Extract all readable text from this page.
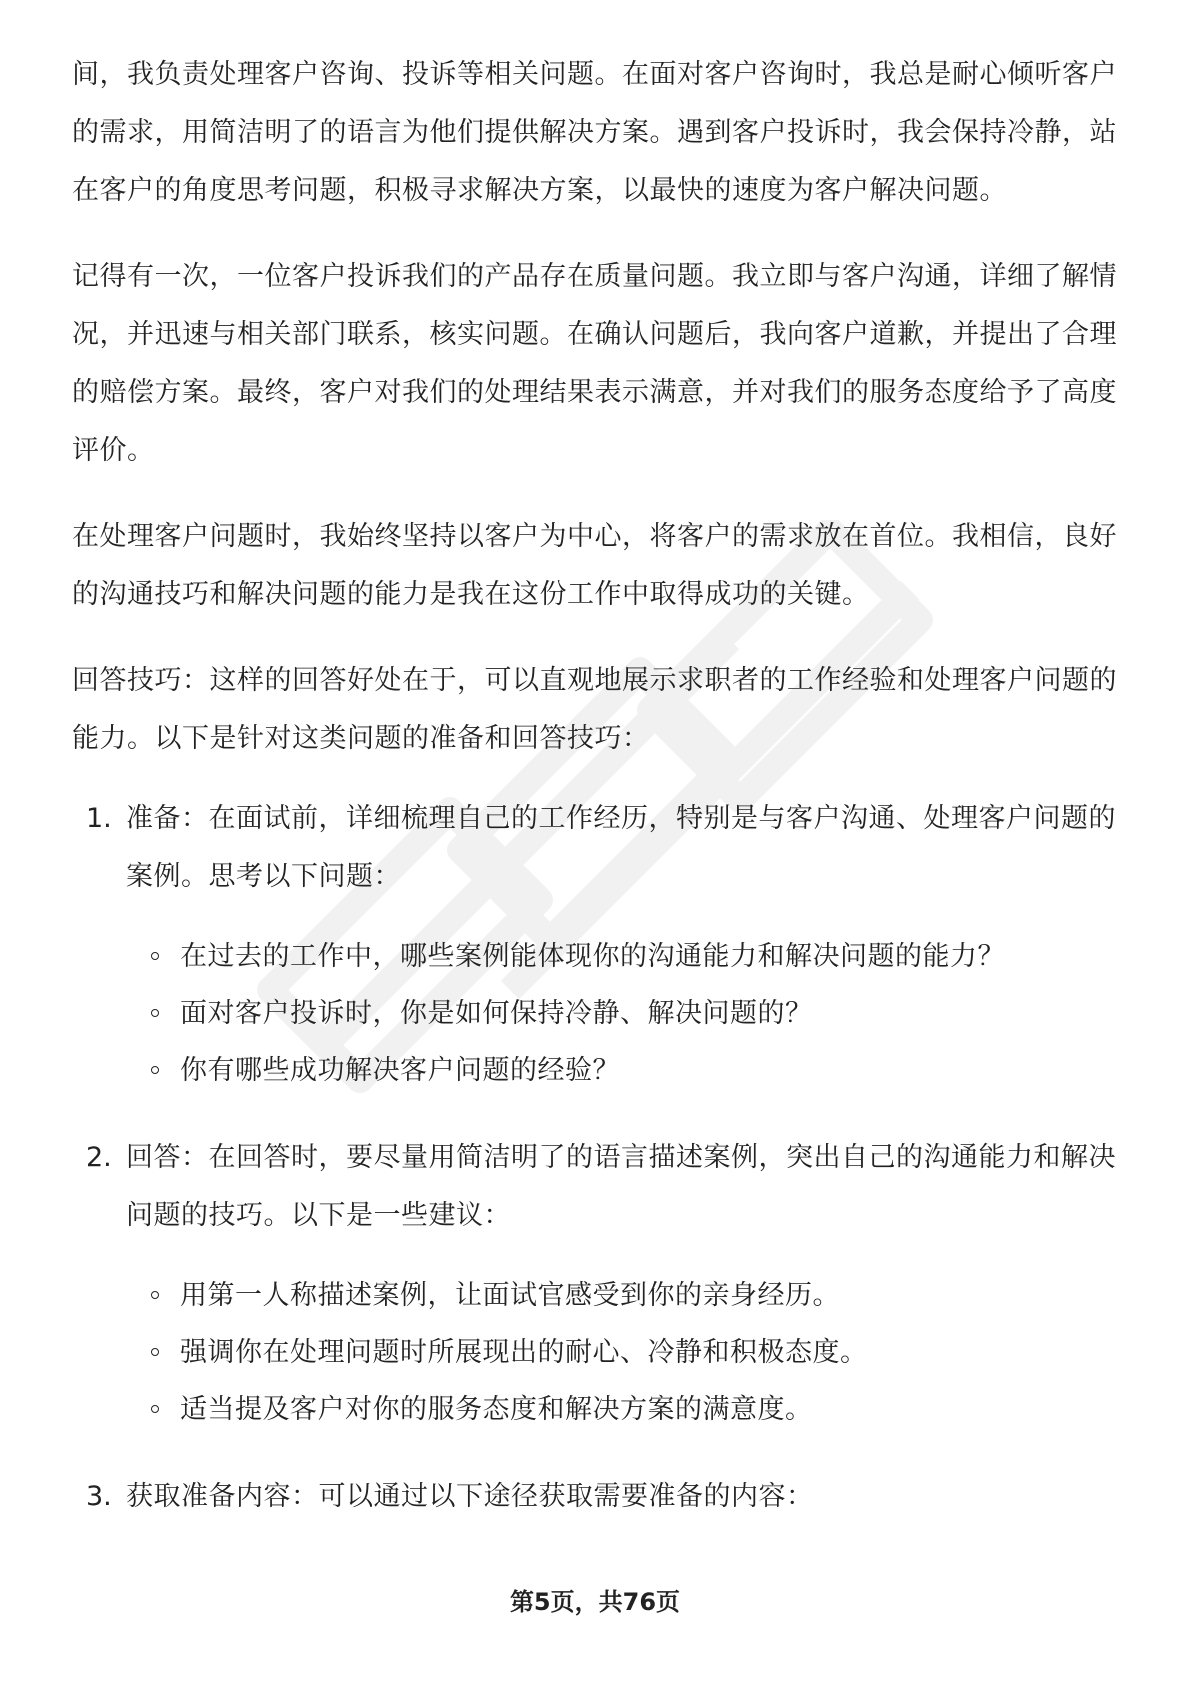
间，我负责处理客户咨询、投诉等相关问题。在面对客户咨询时，我总是耐心倾听客户的需求，用简洁明了的语言为他们提供解决方案。遇到客户投诉时，我会保持冷静，站在客户的角度思考问题，积极寻求解决方案，以最快的速度为客户解决问题。

记得有一次，一位客户投诉我们的产品存在质量问题。我立即与客户沟通，详细了解情况，并迅速与相关部门联系，核实问题。在确认问题后，我向客户道歉，并提出了合理的赔偿方案。最终，客户对我们的处理结果表示满意，并对我们的服务态度给予了高度评价。

在处理客户问题时，我始终坚持以客户为中心，将客户的需求放在首位。我相信，良好的沟通技巧和解决问题的能力是我在这份工作中取得成功的关键。

回答技巧：这样的回答好处在于，可以直观地展示求职者的工作经验和处理客户问题的能力。以下是针对这类问题的准备和回答技巧：

1. 准备：在面试前，详细梳理自己的工作经历，特别是与客户沟通、处理客户问题的案例。思考以下问题：

在过去的工作中，哪些案例能体现你的沟通能力和解决问题的能力？
面对客户投诉时，你是如何保持冷静、解决问题的？
你有哪些成功解决客户问题的经验？
2. 回答：在回答时，要尽量用简洁明了的语言描述案例，突出自己的沟通能力和解决问题的技巧。以下是一些建议：

用第一人称描述案例，让面试官感受到你的亲身经历。
强调你在处理问题时所展现出的耐心、冷静和积极态度。
适当提及客户对你的服务态度和解决方案的满意度。
3. 获取准备内容：可以通过以下途径获取需要准备的内容：

第5页，共76页
